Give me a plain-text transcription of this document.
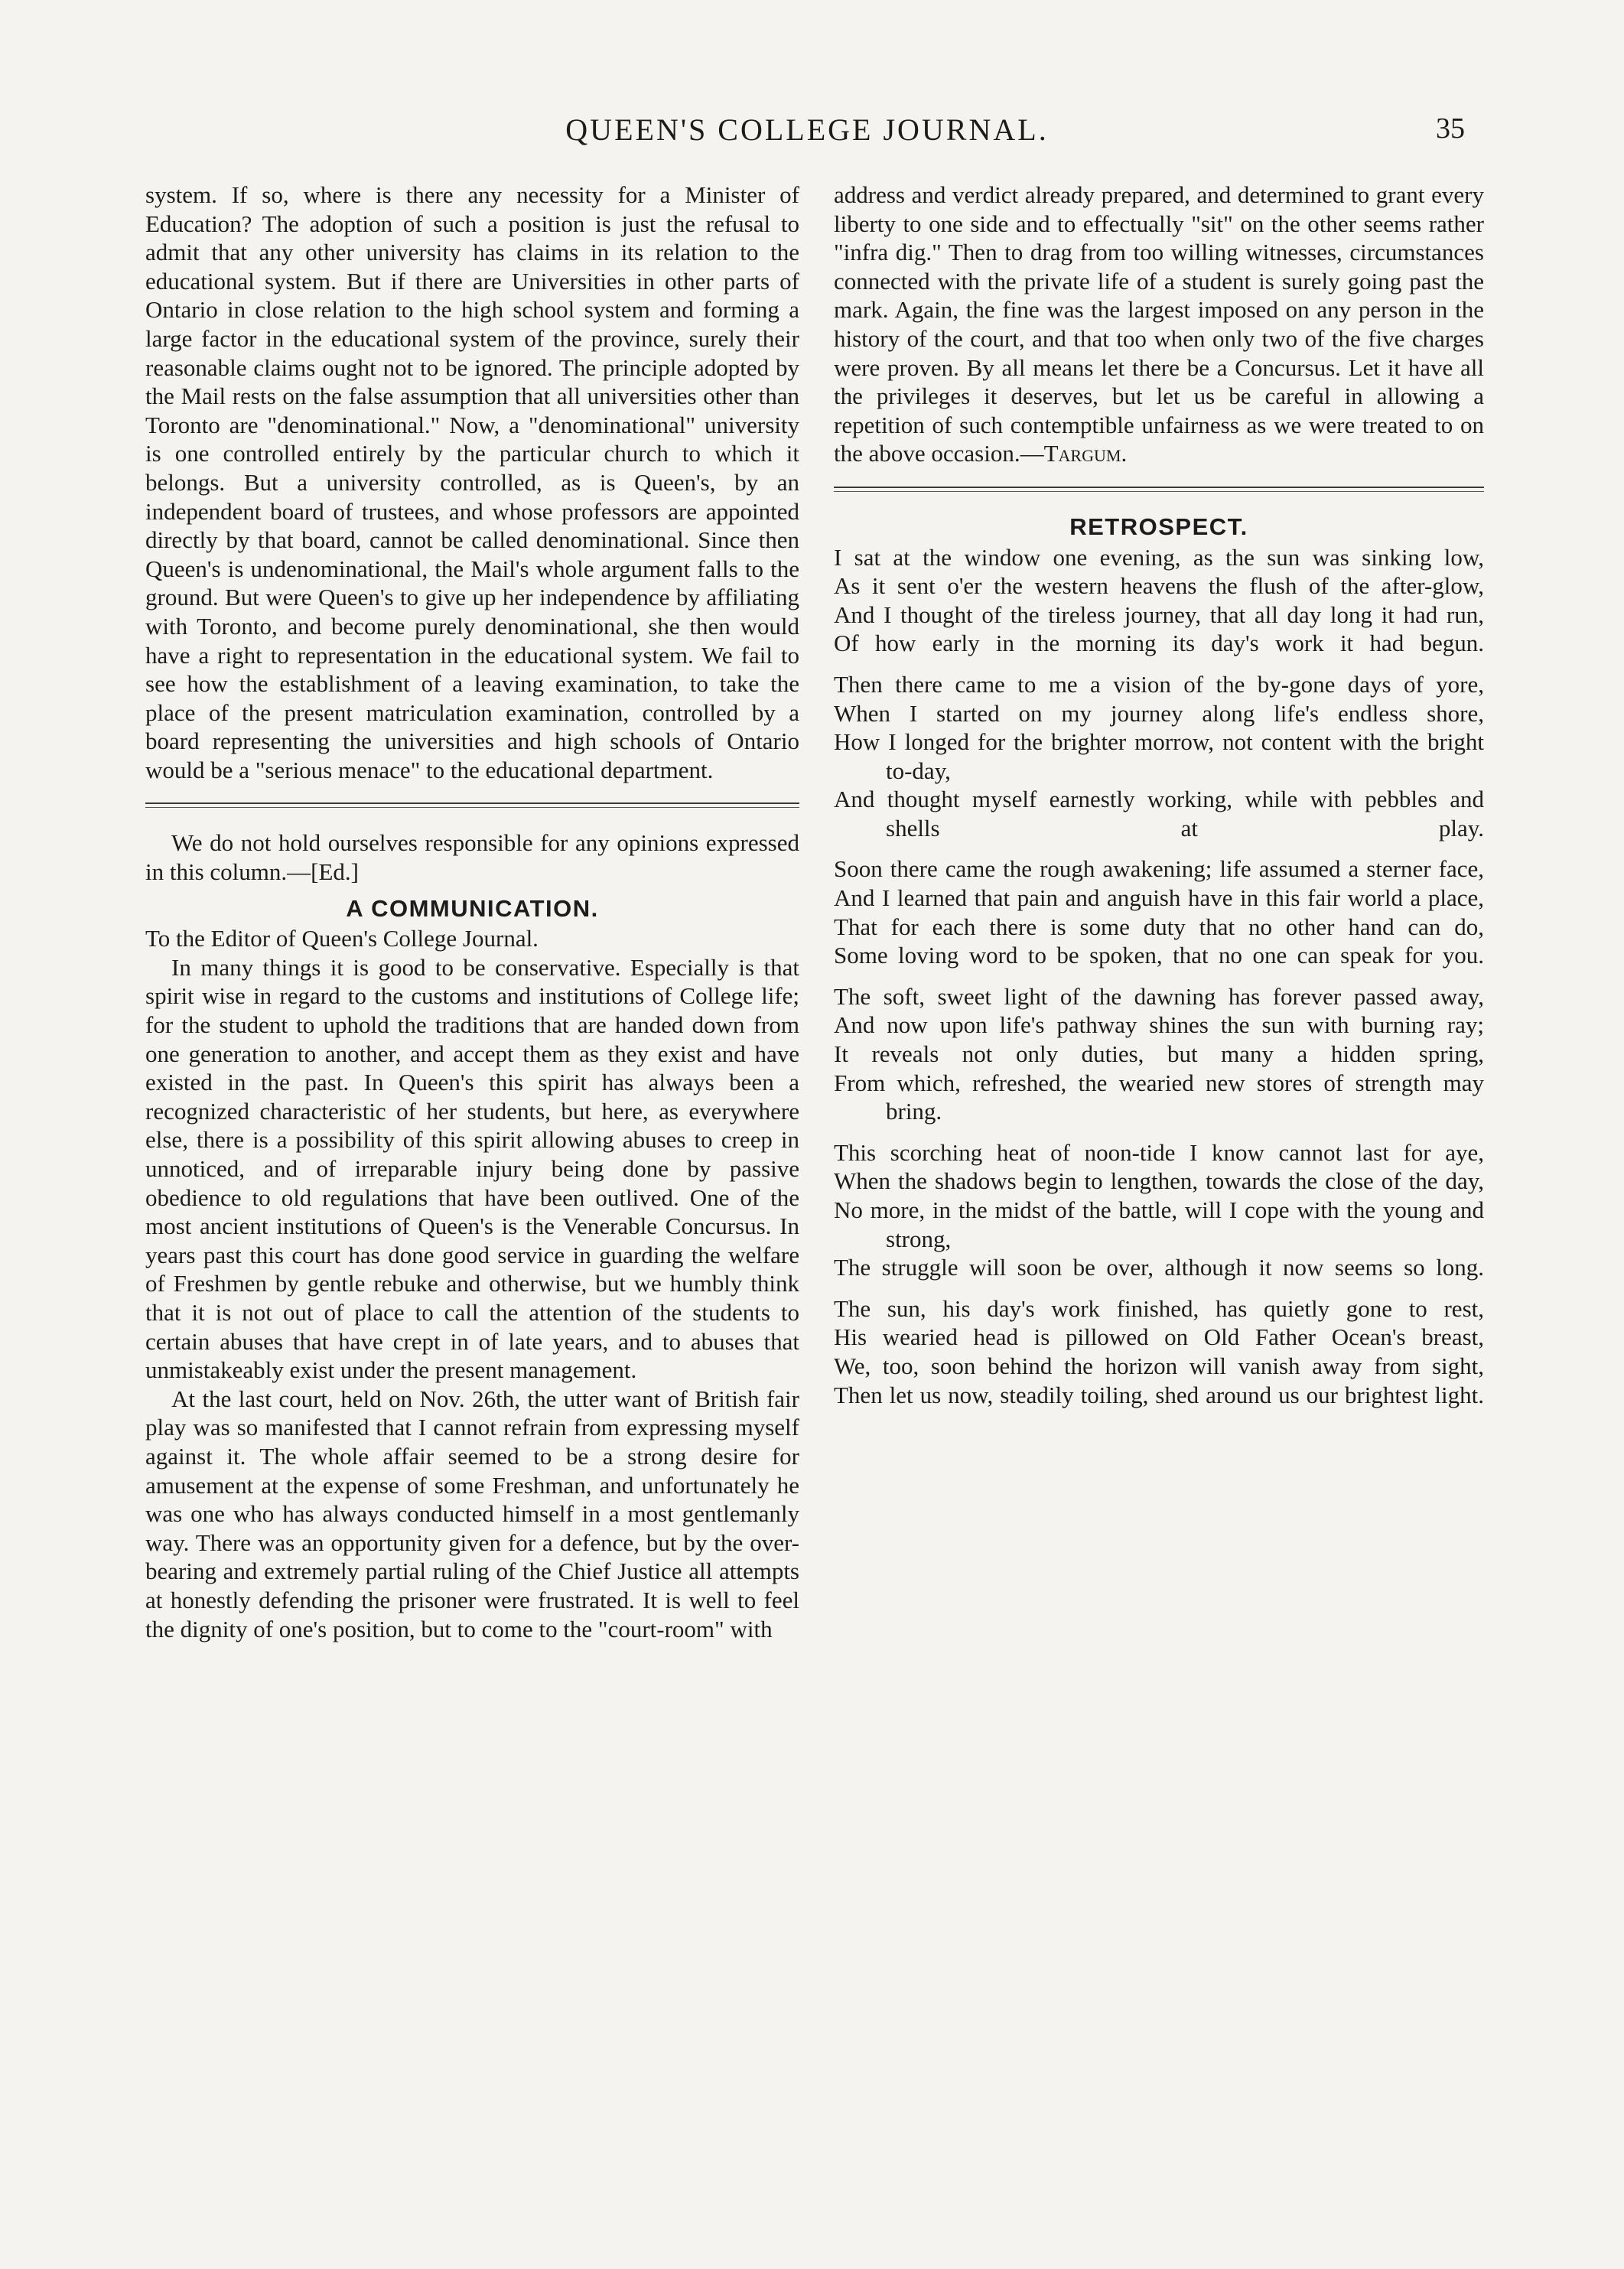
QUEEN'S COLLEGE JOURNAL.	35

system. If so, where is there any necessity for a Minister of Education? The adoption of such a position is just the refusal to admit that any other university has claims in its relation to the educational system. But if there are Universities in other parts of Ontario in close relation to the high school system and forming a large factor in the educational system of the province, surely their reasonable claims ought not to be ignored. The principle adopted by the Mail rests on the false assumption that all universities other than Toronto are "denominational." Now, a "denominational" university is one controlled entirely by the particular church to which it belongs. But a university controlled, as is Queen's, by an independent board of trustees, and whose professors are appointed directly by that board, cannot be called denominational. Since then Queen's is undenominational, the Mail's whole argument falls to the ground. But were Queen's to give up her independence by affiliating with Toronto, and become purely denominational, she then would have a right to representation in the educational system. We fail to see how the establishment of a leaving examination, to take the place of the present matriculation examination, controlled by a board representing the universities and high schools of Ontario would be a "serious menace" to the educational department.

We do not hold ourselves responsible for any opinions expressed in this column.—[Ed.]

A COMMUNICATION.

To the Editor of Queen's College Journal.

In many things it is good to be conservative. Especially is that spirit wise in regard to the customs and institutions of College life; for the student to uphold the traditions that are handed down from one generation to another, and accept them as they exist and have existed in the past. In Queen's this spirit has always been a recognized characteristic of her students, but here, as everywhere else, there is a possibility of this spirit allowing abuses to creep in unnoticed, and of irreparable injury being done by passive obedience to old regulations that have been outlived. One of the most ancient institutions of Queen's is the Venerable Concursus. In years past this court has done good service in guarding the welfare of Freshmen by gentle rebuke and otherwise, but we humbly think that it is not out of place to call the attention of the students to certain abuses that have crept in of late years, and to abuses that unmistakeably exist under the present management.

At the last court, held on Nov. 26th, the utter want of British fair play was so manifested that I cannot refrain from expressing myself against it. The whole affair seemed to be a strong desire for amusement at the expense of some Freshman, and unfortunately he was one who has always conducted himself in a most gentlemanly way. There was an opportunity given for a defence, but by the over-bearing and extremely partial ruling of the Chief Justice all attempts at honestly defending the prisoner were frustrated. It is well to feel the dignity of one's position, but to come to the "court-room" with

address and verdict already prepared, and determined to grant every liberty to one side and to effectually "sit" on the other seems rather "infra dig." Then to drag from too willing witnesses, circumstances connected with the private life of a student is surely going past the mark. Again, the fine was the largest imposed on any person in the history of the court, and that too when only two of the five charges were proven. By all means let there be a Concursus. Let it have all the privileges it deserves, but let us be careful in allowing a repetition of such contemptible unfairness as we were treated to on the above occasion.—Targum.

RETROSPECT.
I sat at the window one evening, as the sun was sinking low,
As it sent o'er the western heavens the flush of the after-glow,
And I thought of the tireless journey, that all day long it had run,
Of how early in the morning its day's work it had begun.
Then there came to me a vision of the by-gone days of yore,
When I started on my journey along life's endless shore,
How I longed for the brighter morrow, not content with the bright to-day,
And thought myself earnestly working, while with pebbles and shells at play.
Soon there came the rough awakening; life assumed a sterner face,
And I learned that pain and anguish have in this fair world a place,
That for each there is some duty that no other hand can do,
Some loving word to be spoken, that no one can speak for you.
The soft, sweet light of the dawning has forever passed away,
And now upon life's pathway shines the sun with burning ray;
It reveals not only duties, but many a hidden spring,
From which, refreshed, the wearied new stores of strength may bring.
This scorching heat of noon-tide I know cannot last for aye,
When the shadows begin to lengthen, towards the close of the day,
No more, in the midst of the battle, will I cope with the young and strong,
The struggle will soon be over, although it now seems so long.
The sun, his day's work finished, has quietly gone to rest,
His wearied head is pillowed on Old Father Ocean's breast,
We, too, soon behind the horizon will vanish away from sight,
Then let us now, steadily toiling, shed around us our brightest light.
